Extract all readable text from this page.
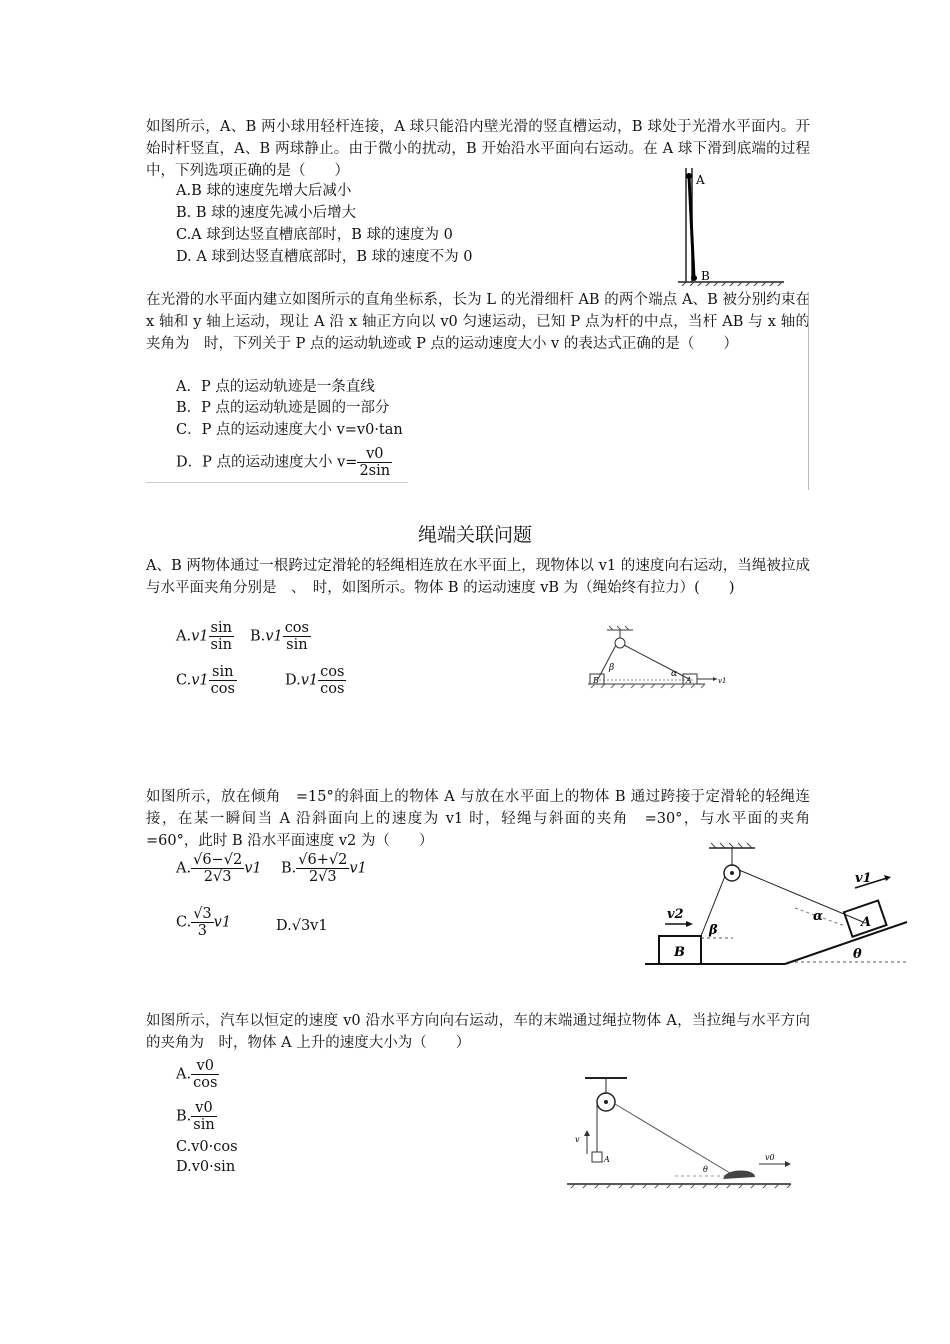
如图所示，A、B 两小球用轻杆连接，A 球只能沿内壁光滑的竖直槽运动，B 球处于光滑水平面内。开始时杆竖直，A、B 两球静止。由于微小的扰动，B 开始沿水平面向右运动。在 A 球下滑到底端的过程中，下列选项正确的是（　　）
A.B 球的速度先增大后减小
B. B 球的速度先减小后增大
C.A 球到达竖直槽底部时，B 球的速度为 0
D. A 球到达竖直槽底部时，B 球的速度不为 0
A
B
在光滑的水平面内建立如图所示的直角坐标系，长为 L 的光滑细杆 AB 的两个端点 A、B 被分别约束在 x 轴和 y 轴上运动，现让 A 沿 x 轴正方向以 v0 匀速运动，已知 P 点为杆的中点，当杆 AB 与 x 轴的夹角为　时，下列关于 P 点的运动轨迹或 P 点的运动速度大小 v 的表达式正确的是（　　）
A．P 点的运动轨迹是一条直线
B．P 点的运动轨迹是圆的一部分
C．P 点的运动速度大小 v=v0·tan
D．P 点的运动速度大小 $v= \frac{v0}{2\sin}$
绳端关联问题
A、B 两物体通过一根跨过定滑轮的轻绳相连放在水平面上，现物体以 v1 的速度向右运动，当绳被拉成与水平面夹角分别是　、　时，如图所示。物体 B 的运动速度 vB 为（绳始终有拉力）(　　)
$A.v1 \frac{\sin}{\sin} B.v1 \frac{\cos}{\sin}$
$C.v1 \frac{\sin}{\cos}$	$D.v1 \frac{\cos}{\cos}$	β
α
B	A	v1
如图所示，放在倾角　=15°的斜面上的物体 A 与放在水平面上的物体 B 通过跨接于定滑轮的轻绳连接，在某一瞬间当 A 沿斜面向上的速度为 v1 时，轻绳与斜面的夹角　=30°，与水平面的夹角　=60°，此时 B 沿水平面速度 v2 为（　　）
A. $\frac{√6-√2}{2√3} v1$ B. $\frac{√6+√2}{2√3} v1$
C. $\frac{√3}{3} v1$	D.√3v1
v2
B
β
v1
α	A
θ
如图所示，汽车以恒定的速度 v0 沿水平方向向右运动，车的末端通过绳拉物体 A，当拉绳与水平方向的夹角为　时，物体 A 上升的速度大小为（　　）
A. $\frac{v0}{\cos}$
B. $\frac{v0}{\sin}$
C.v0·cos
D.v0·sin
v
A
θ
v0
